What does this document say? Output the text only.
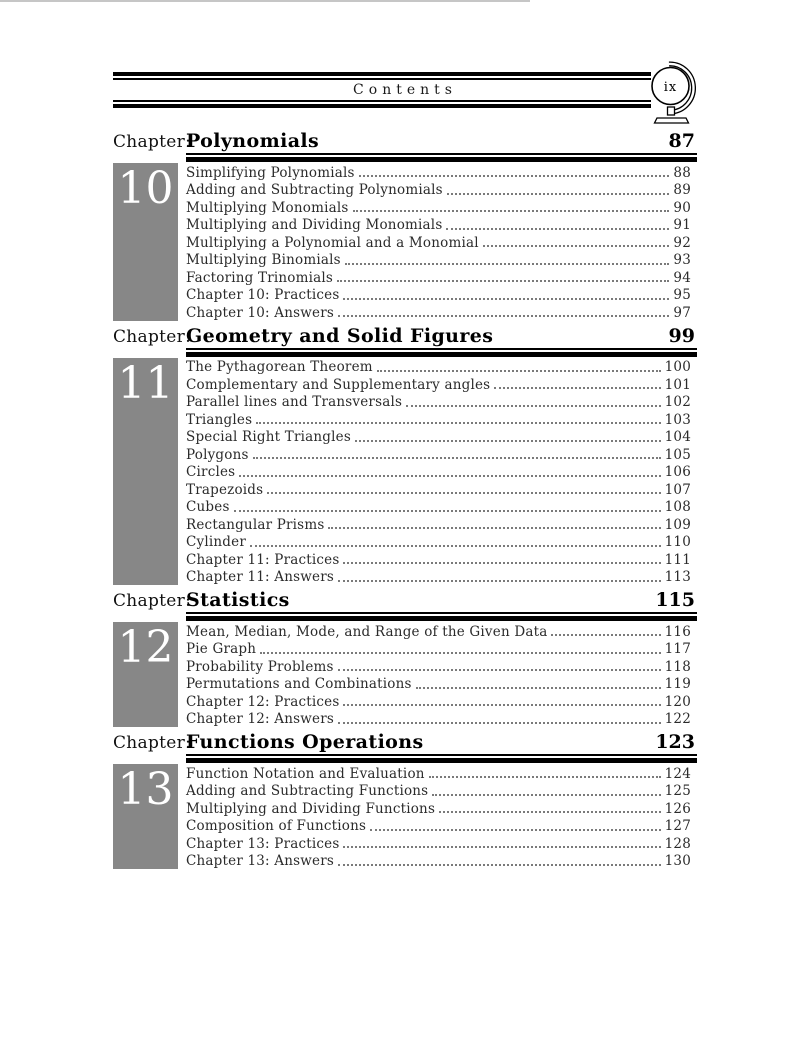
Contents	ix
Chapter:
Polynomials	87
10 Simplifying Polynomials	88
Adding and Subtracting Polynomials	89
Multiplying Monomials	90
Multiplying and Dividing Monomials	91
Multiplying a Polynomial and a Monomial	92
Multiplying Binomials	93
Factoring Trinomials	94
Chapter 10: Practices	95
Chapter 10: Answers	97
Chapter:
Geometry and Solid Figures	99
11 The Pythagorean Theorem	100
Complementary and Supplementary angles	101
Parallel lines and Transversals	102
Triangles	103
Special Right Triangles	104
Polygons	105
Circles	106
Trapezoids	107
Cubes	108
Rectangular Prisms	109
Cylinder	110
Chapter 11: Practices	111
Chapter 11: Answers	113
Chapter:
Statistics	115
12 Mean, Median, Mode, and Range of the Given Data	116
Pie Graph	117
Probability Problems	118
Permutations and Combinations	119
Chapter 12: Practices	120
Chapter 12: Answers	122
Chapter:
Functions Operations	123
13 Function Notation and Evaluation	124
Adding and Subtracting Functions	125
Multiplying and Dividing Functions	126
Composition of Functions	127
Chapter 13: Practices	128
Chapter 13: Answers	130
